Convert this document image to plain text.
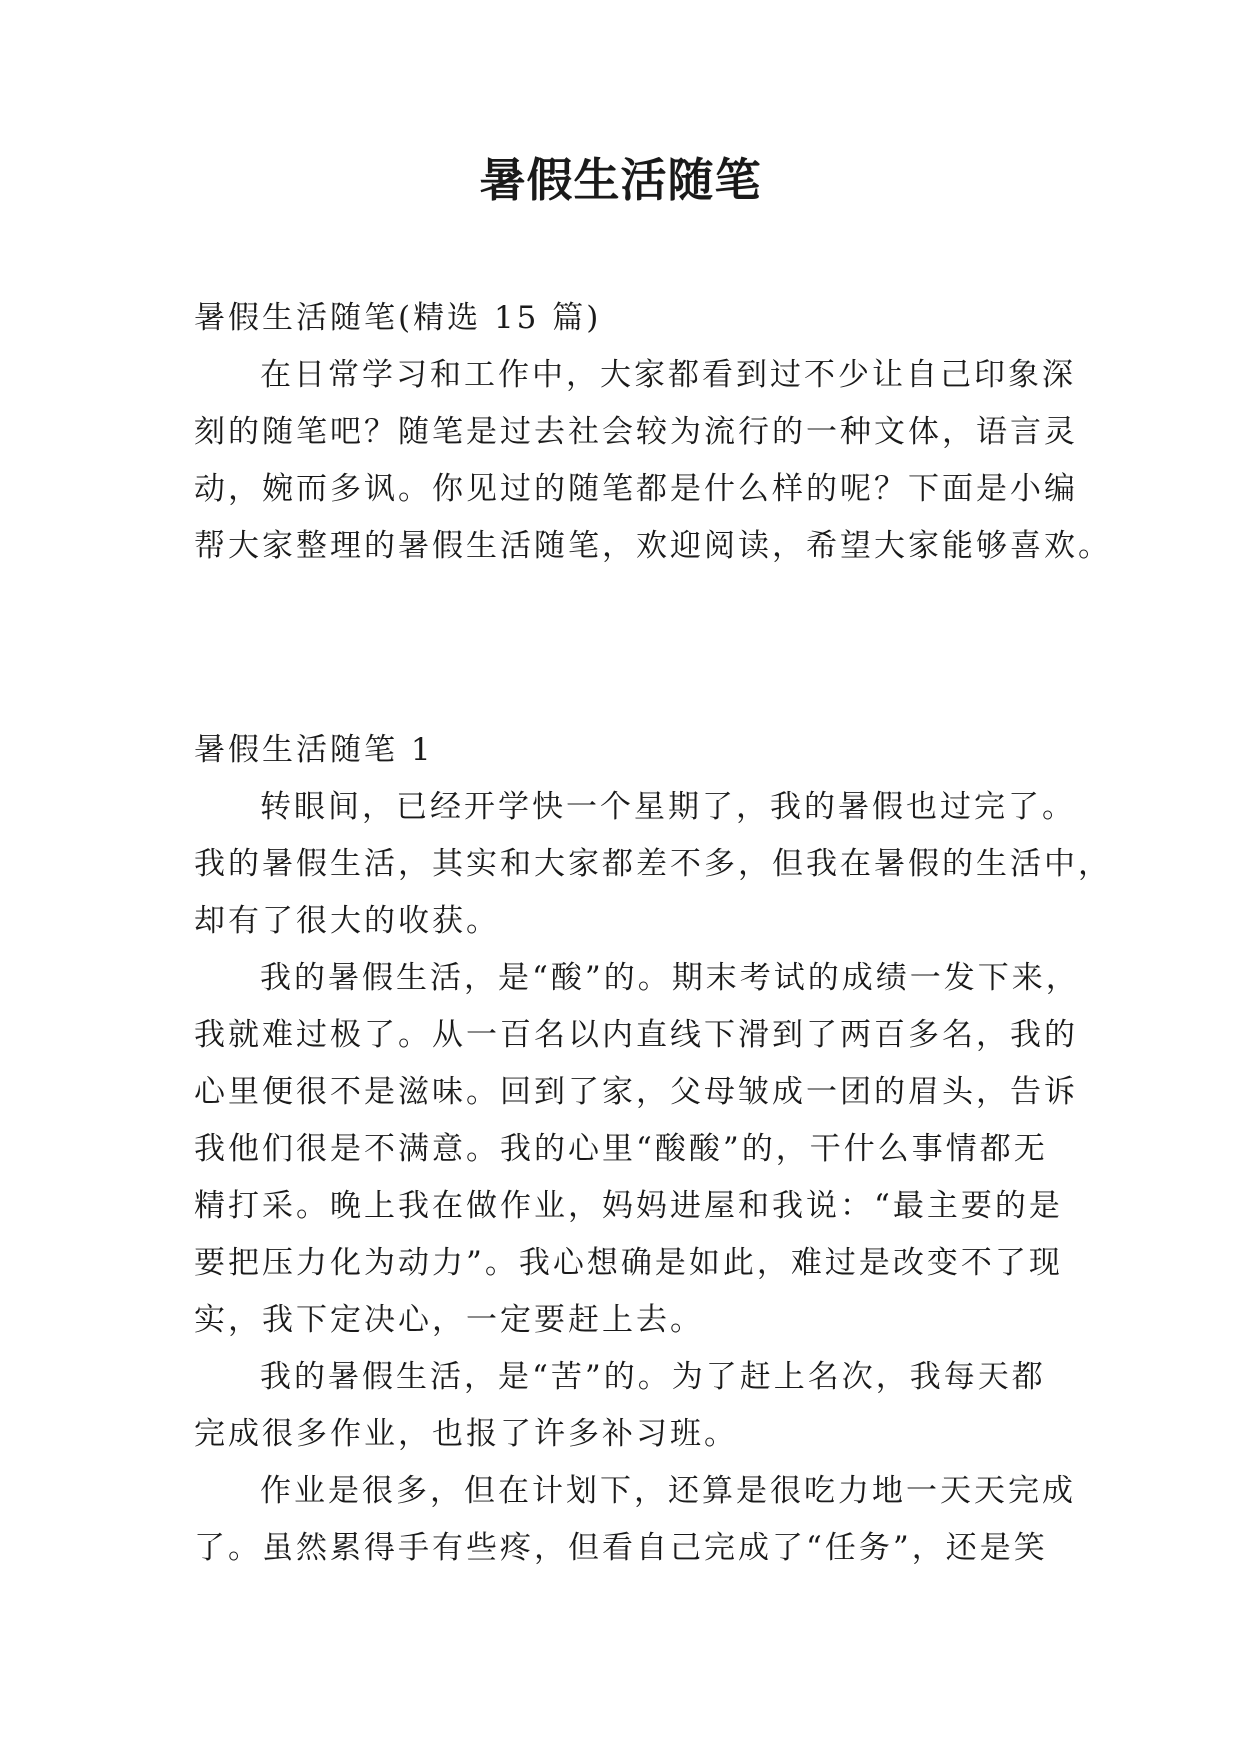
暑假生活随笔
暑假生活随笔(精选 15 篇)
在日常学习和工作中，大家都看到过不少让自己印象深
刻的随笔吧？随笔是过去社会较为流行的一种文体，语言灵
动，婉而多讽。你见过的随笔都是什么样的呢？下面是小编
帮大家整理的暑假生活随笔，欢迎阅读，希望大家能够喜欢。
暑假生活随笔 1
转眼间，已经开学快一个星期了，我的暑假也过完了。
我的暑假生活，其实和大家都差不多，但我在暑假的生活中，
却有了很大的收获。
我的暑假生活，是“酸”的。期末考试的成绩一发下来，
我就难过极了。从一百名以内直线下滑到了两百多名，我的
心里便很不是滋味。回到了家，父母皱成一团的眉头，告诉
我他们很是不满意。我的心里“酸酸”的，干什么事情都无
精打采。晚上我在做作业，妈妈进屋和我说：“最主要的是
要把压力化为动力”。我心想确是如此，难过是改变不了现
实，我下定决心，一定要赶上去。
我的暑假生活，是“苦”的。为了赶上名次，我每天都
完成很多作业，也报了许多补习班。
作业是很多，但在计划下，还算是很吃力地一天天完成
了。虽然累得手有些疼，但看自己完成了“任务”，还是笑
